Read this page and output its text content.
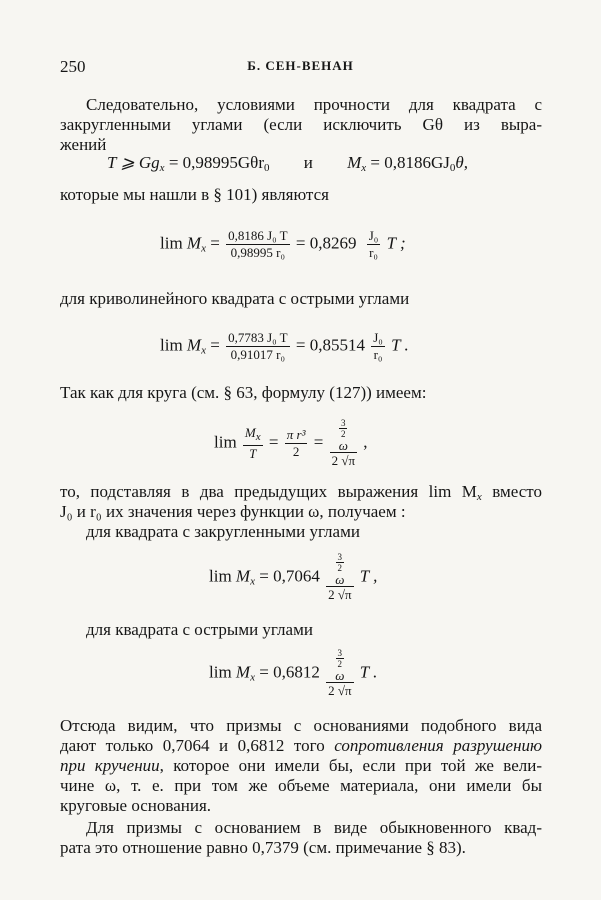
250	Б. СЕН-ВЕНАН
Следовательно, условиями прочности для квадрата с
закругленными углами (если исключить Gθ из выра-
жений
T ⩾ $Gg_x = 0,98995G\theta r_0$ и $M_x = 0,8186GJ_0\theta$,
которые мы нашли в § 101) являются
$\lim M_x = \frac{\text{0,8186 J₀ T}}{\text{0,98995 r₀}} = 0,8269 \frac{\text{J₀}}{\text{r₀}}$ T ;
для криволинейного квадрата с острыми углами
$\lim M_x = \frac{\text{0,7783 J₀ T}}{\text{0,91017 r₀}} = 0,85514 \frac{\text{J₀}}{\text{r₀}}$ T .
Так как для круга (см. § 63, формулу (127)) имеем:
$\lim \frac{M_x}{T} = \frac{\text{π r³}}{2}$ =
3
2
ω
2 √π
,
то, подставляя в два предыдущих выражения $\lim M_x$ вместо
J₀ и r₀ их значения через функции ω, получаем :
для квадрата с закругленными углами
$\lim M_x = 0,7064$
3
2
ω
2 √π
T ,
для квадрата с острыми углами
$\lim M_x = 0,6812$
3
2
ω
2 √π
T .
Отсюда видим, что призмы с основаниями подобного вида
дают только 0,7064 и 0,6812 того сопротивления разрушению
при кручении, которое они имели бы, если при той же вели-
чине ω, т. е. при том же объеме материала, они имели бы
круговые основания.
Для призмы с основанием в виде обыкновенного квад-
рата это отношение равно 0,7379 (см. примечание § 83).
